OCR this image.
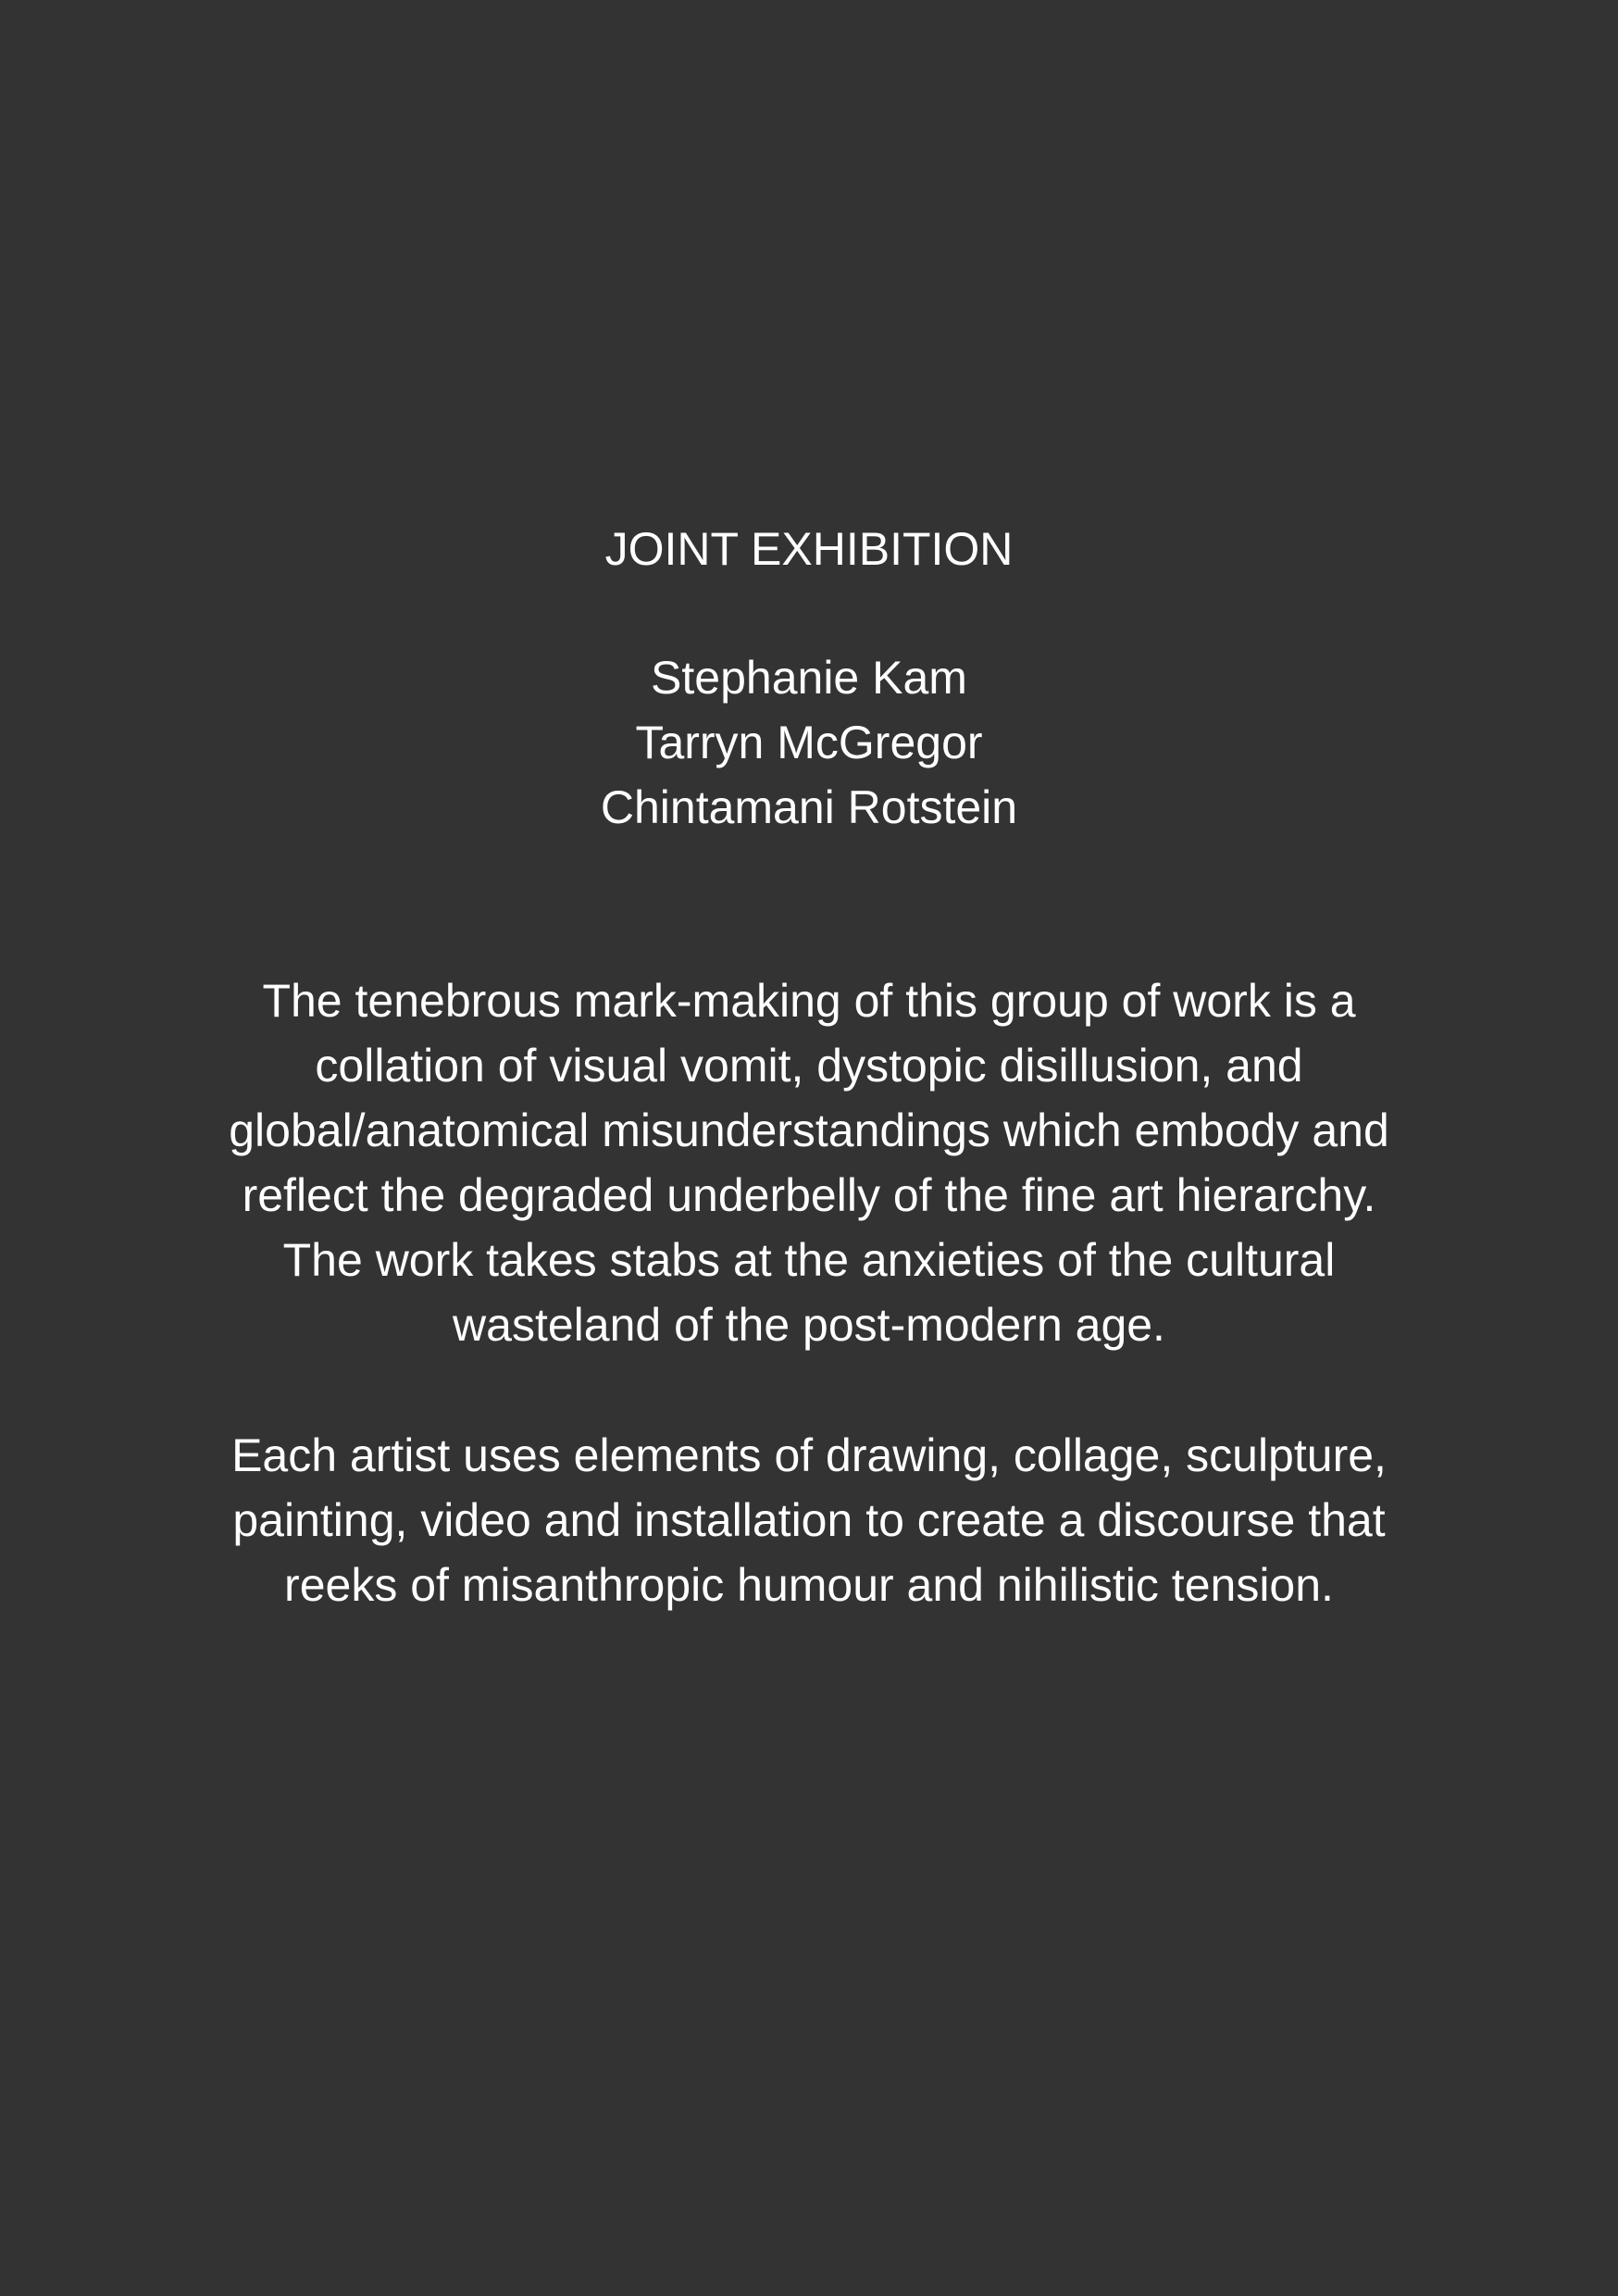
JOINT EXHIBITION
Stephanie Kam
Tarryn McGregor
Chintamani Rotstein

The tenebrous mark-making of this group of work is a
collation of visual vomit, dystopic disillusion, and
global/anatomical misunderstandings which embody and
reflect the degraded underbelly of the fine art hierarchy.
The work takes stabs at the anxieties of the cultural
wasteland of the post-modern age.

Each artist uses elements of drawing, collage, sculpture,
painting, video and installation to create a discourse that
reeks of misanthropic humour and nihilistic tension.
